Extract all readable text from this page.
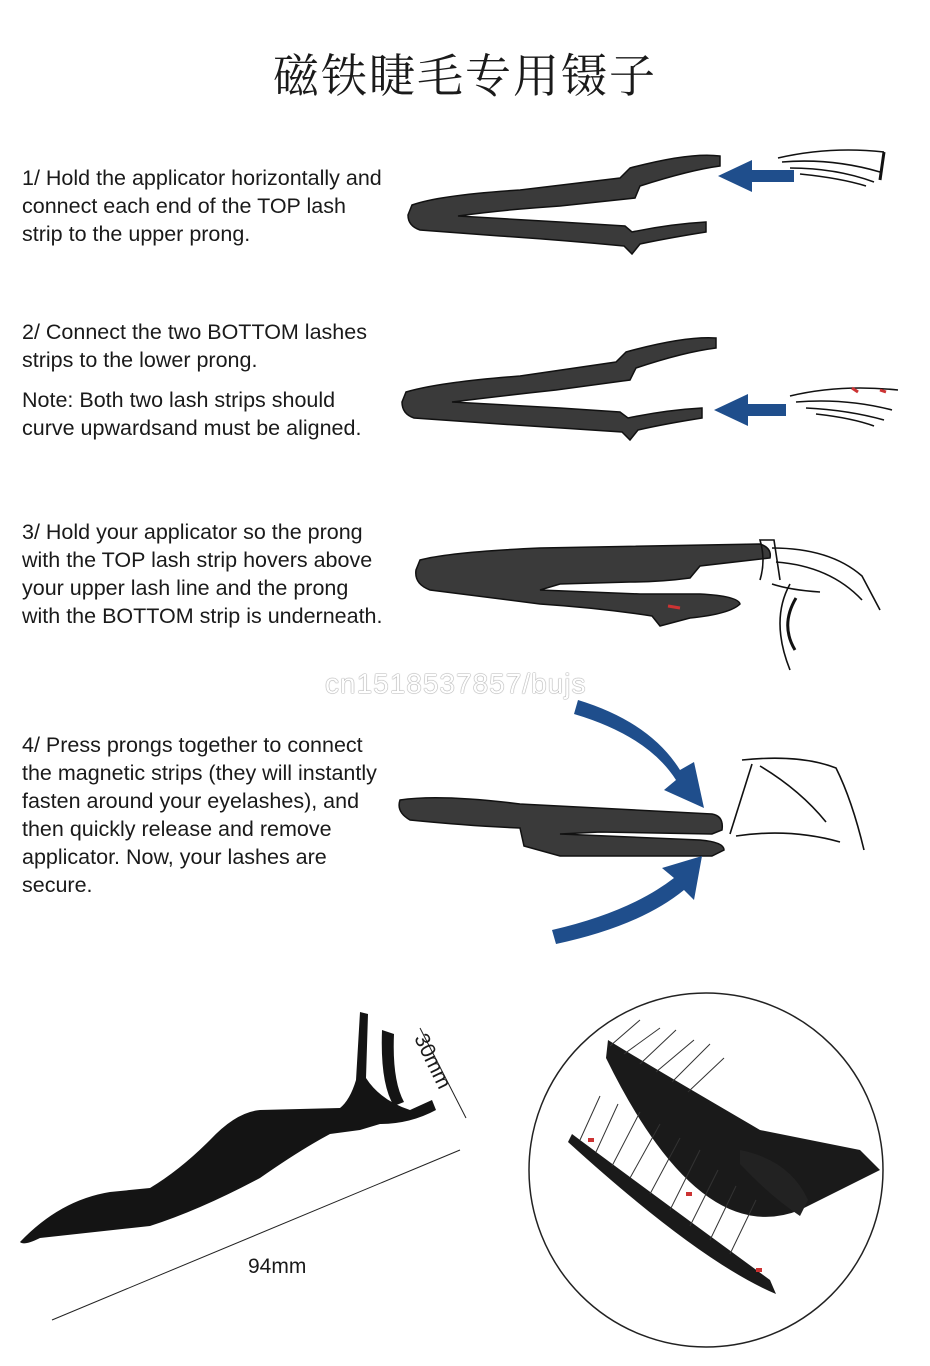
磁铁睫毛专用镊子

1/ Hold the applicator horizontally and connect each end of the TOP lash strip to the upper prong.

2/ Connect the two BOTTOM lashes strips to the lower prong.

Note: Both two lash strips should curve upwardsand must be aligned.

3/ Hold your applicator so the prong with the TOP lash strip hovers above your upper lash line and the prong with the BOTTOM strip is underneath.

4/ Press prongs together to connect the magnetic strips (they will instantly fasten around your eyelashes), and then quickly release and remove applicator. Now, your lashes are secure.

cn1518537857/bujs
30mm
94mm
